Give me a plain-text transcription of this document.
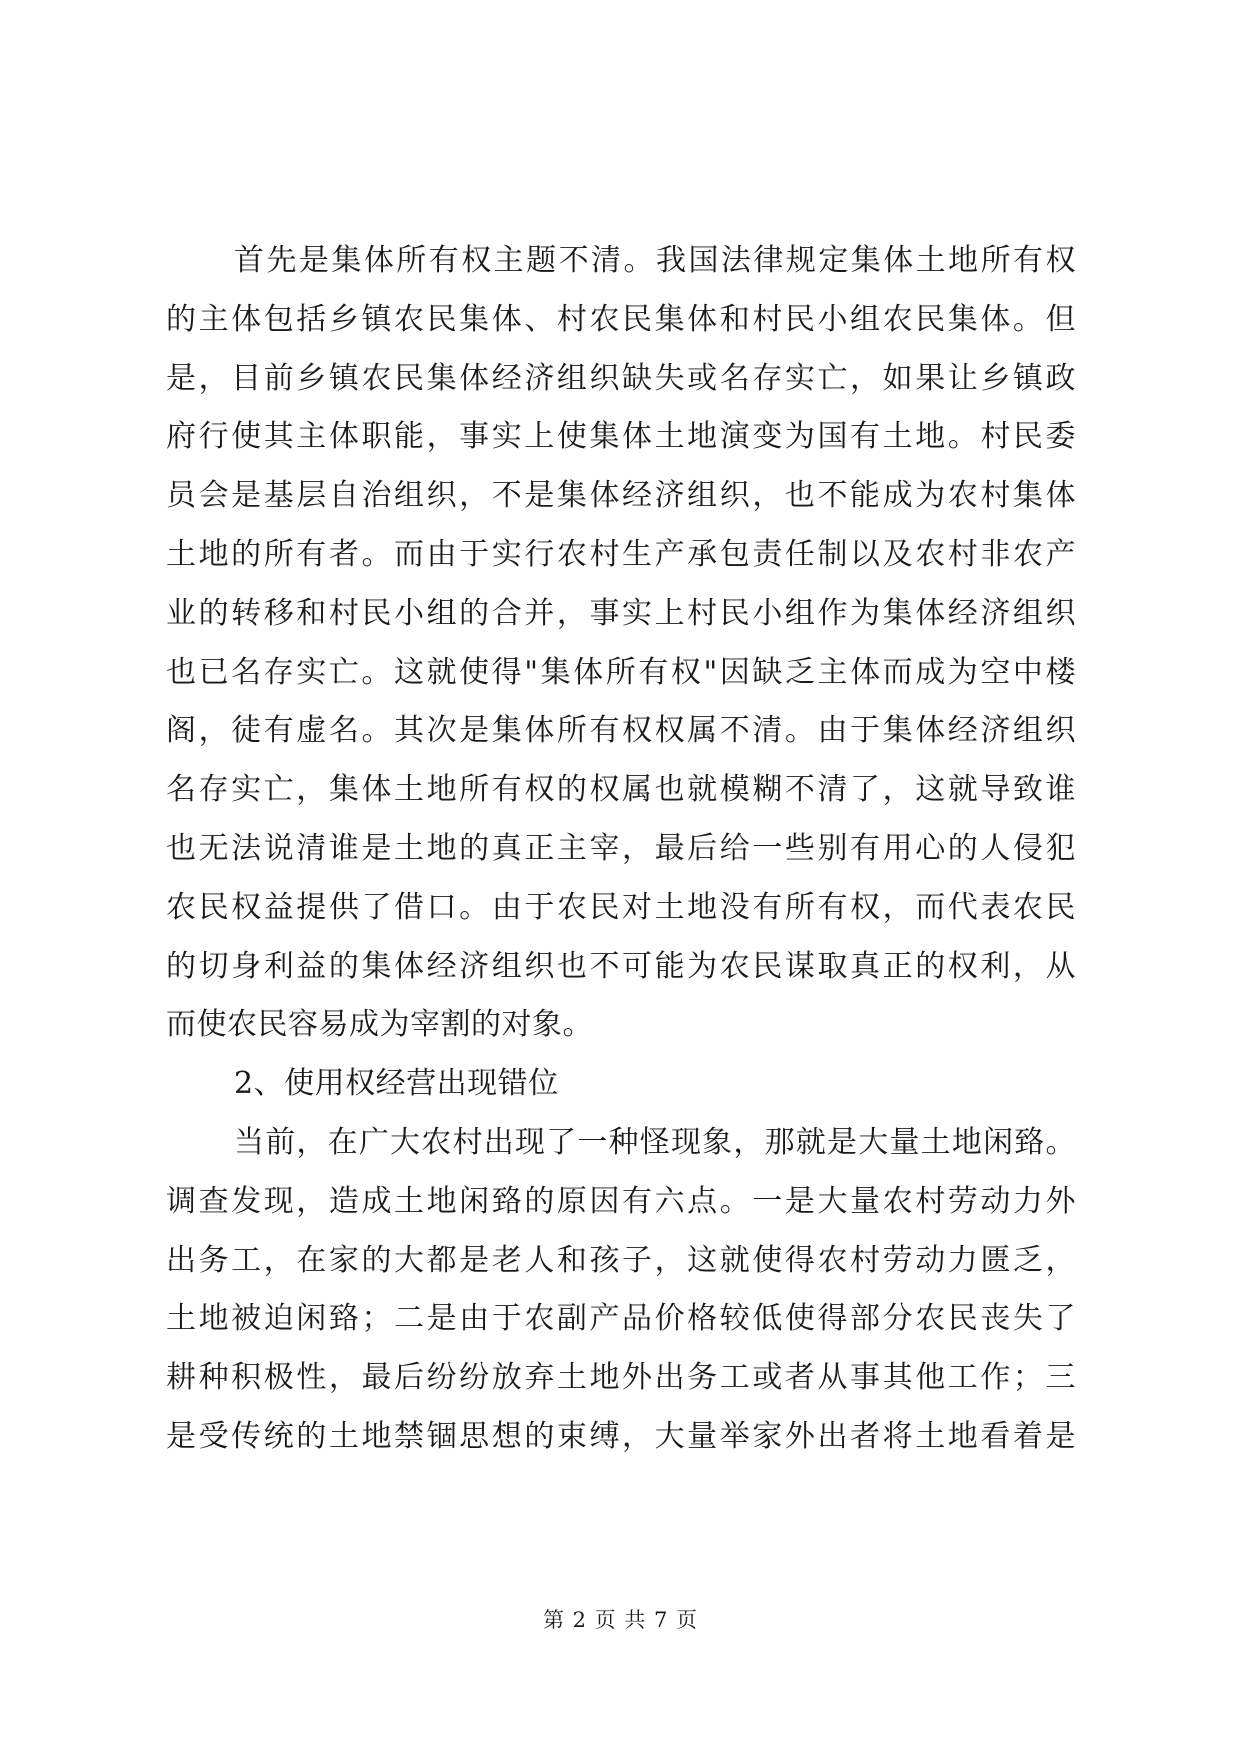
首先是集体所有权主题不清。我国法律规定集体土地所有权
的主体包括乡镇农民集体、村农民集体和村民小组农民集体。但
是，目前乡镇农民集体经济组织缺失或名存实亡，如果让乡镇政
府行使其主体职能，事实上使集体土地演变为国有土地。村民委
员会是基层自治组织，不是集体经济组织，也不能成为农村集体
土地的所有者。而由于实行农村生产承包责任制以及农村非农产
业的转移和村民小组的合并，事实上村民小组作为集体经济组织
也已名存实亡。这就使得"集体所有权"因缺乏主体而成为空中楼
阁，徒有虚名。其次是集体所有权权属不清。由于集体经济组织
名存实亡，集体土地所有权的权属也就模糊不清了，这就导致谁
也无法说清谁是土地的真正主宰，最后给一些别有用心的人侵犯
农民权益提供了借口。由于农民对土地没有所有权，而代表农民
的切身利益的集体经济组织也不可能为农民谋取真正的权利，从
而使农民容易成为宰割的对象。
2、使用权经营出现错位
当前，在广大农村出现了一种怪现象，那就是大量土地闲臵。
调查发现，造成土地闲臵的原因有六点。一是大量农村劳动力外
出务工，在家的大都是老人和孩子，这就使得农村劳动力匮乏，
土地被迫闲臵；二是由于农副产品价格较低使得部分农民丧失了
耕种积极性，最后纷纷放弃土地外出务工或者从事其他工作；三
是受传统的土地禁锢思想的束缚，大量举家外出者将土地看着是
第 2 页 共 7 页
